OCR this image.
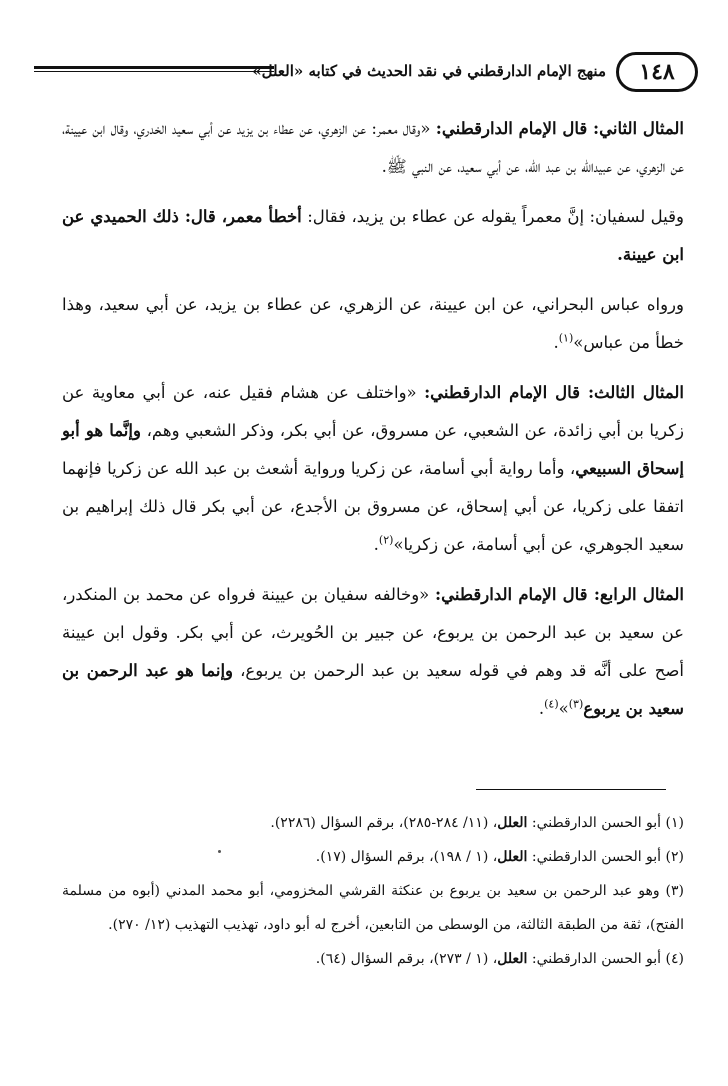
١٤٨
منهج الإمام الدارقطني في نقد الحديث في كتابه «العلل»

المثال الثاني: قال الإمام الدارقطني: «وقال معمر: عن الزهري، عن عطاء بن يزيد عن أبي سعيد الخدري، وقال ابن عيينة، عن الزهري، عن عبيدالله بن عبد الله، عن أبي سعيد، عن النبي ﷺ.

وقيل لسفيان: إنَّ معمراً يقوله عن عطاء بن يزيد، فقال: أخطأ معمر، قال: ذلك الحميدي عن ابن عيينة.

ورواه عباس البحراني، عن ابن عيينة، عن الزهري، عن عطاء بن يزيد، عن أبي سعيد، وهذا خطأ من عباس»$^{(١)}$.

المثال الثالث: قال الإمام الدارقطني: «واختلف عن هشام فقيل عنه، عن أبي معاوية عن زكريا بن أبي زائدة، عن الشعبي، عن مسروق، عن أبي بكر، وذكر الشعبي وهم، وإنَّما هو أبو إسحاق السبيعي، وأما رواية أبي أسامة، عن زكريا ورواية أشعث بن عبد الله عن زكريا فإنهما اتفقا على زكريا، عن أبي إسحاق، عن مسروق بن الأجدع، عن أبي بكر قال ذلك إبراهيم بن سعيد الجوهري، عن أبي أسامة، عن زكريا»$^{(٢)}$.

المثال الرابع: قال الإمام الدارقطني: «وخالفه سفيان بن عيينة فرواه عن محمد بن المنكدر، عن سعيد بن عبد الرحمن بن يربوع، عن جبير بن الحُويرث، عن أبي بكر. وقول ابن عيينة أصح على أنَّه قد وهم في قوله سعيد بن عبد الرحمن بن يربوع، وإنما هو عبد الرحمن بن سعيد بن يربوع$^{(٣)}$»$^{(٤)}$.

(١) أبو الحسن الدارقطني: العلل، (١١/ ٢٨٤-٢٨٥)، برقم السؤال (٢٢٨٦).

(٢) أبو الحسن الدارقطني: العلل، (١ / ١٩٨)، برقم السؤال (١٧).

(٣) وهو عبد الرحمن بن سعيد بن يربوع بن عنكثة القرشي المخزومي، أبو محمد المدني (أبوه من مسلمة الفتح)، ثقة من الطبقة الثالثة، من الوسطى من التابعين، أخرج له أبو داود، تهذيب التهذيب (١٢/ ٢٧٠).

(٤) أبو الحسن الدارقطني: العلل، (١ / ٢٧٣)، برقم السؤال (٦٤).
